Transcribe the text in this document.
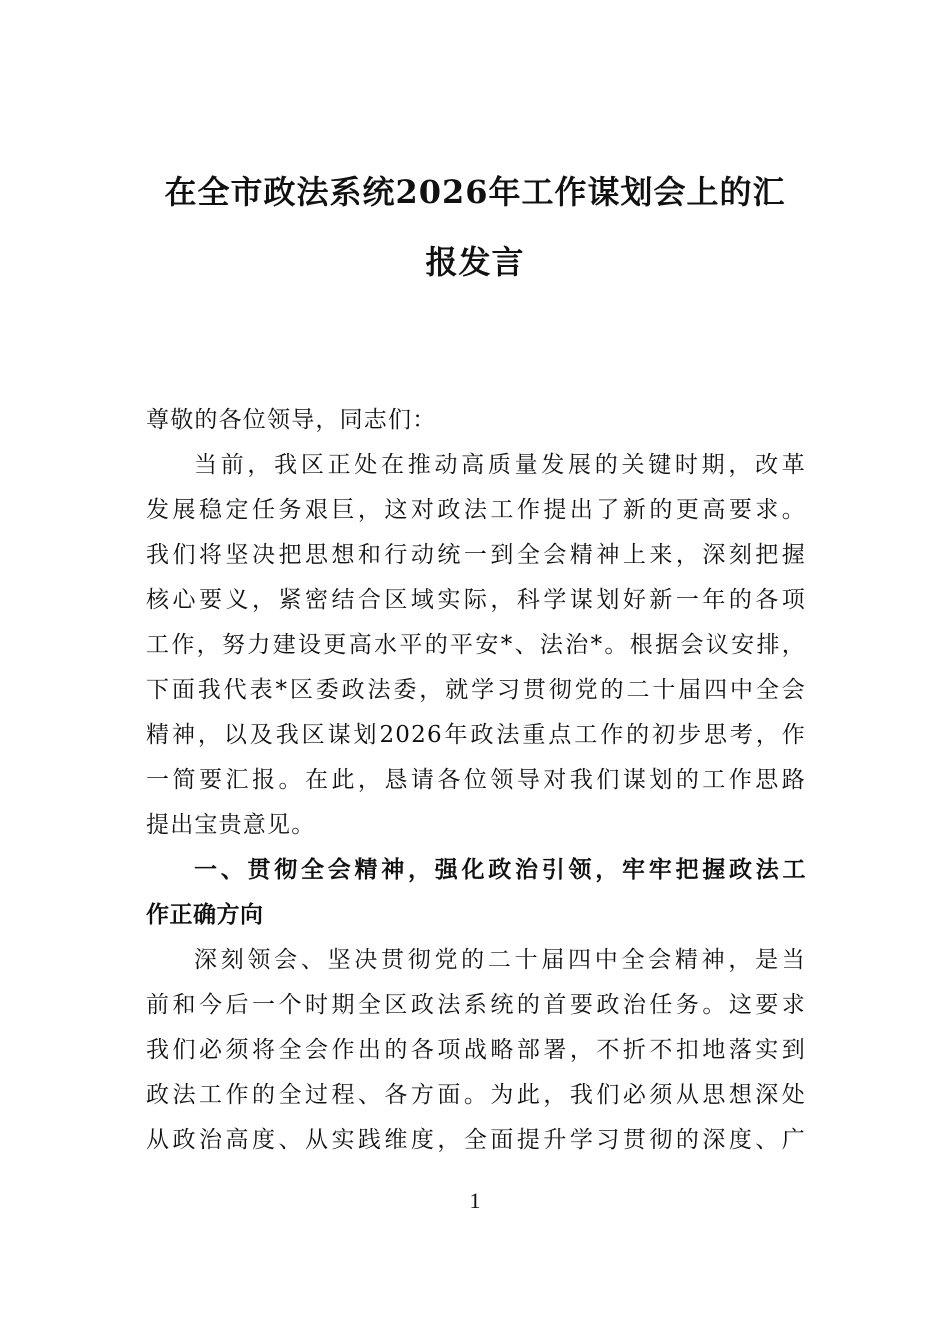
在全市政法系统2026年工作谋划会上的汇
报发言
尊敬的各位领导，同志们：
当前，我区正处在推动高质量发展的关键时期，改革
发展稳定任务艰巨，这对政法工作提出了新的更高要求。
我们将坚决把思想和行动统一到全会精神上来，深刻把握
核心要义，紧密结合区域实际，科学谋划好新一年的各项
工作，努力建设更高水平的平安*、法治*。根据会议安排，
下面我代表*区委政法委，就学习贯彻党的二十届四中全会
精神，以及我区谋划2026年政法重点工作的初步思考，作
一简要汇报。在此，恳请各位领导对我们谋划的工作思路
提出宝贵意见。
一、贯彻全会精神，强化政治引领，牢牢把握政法工
作正确方向
深刻领会、坚决贯彻党的二十届四中全会精神，是当
前和今后一个时期全区政法系统的首要政治任务。这要求
我们必须将全会作出的各项战略部署，不折不扣地落实到
政法工作的全过程、各方面。为此，我们必须从思想深处
从政治高度、从实践维度，全面提升学习贯彻的深度、广
1
